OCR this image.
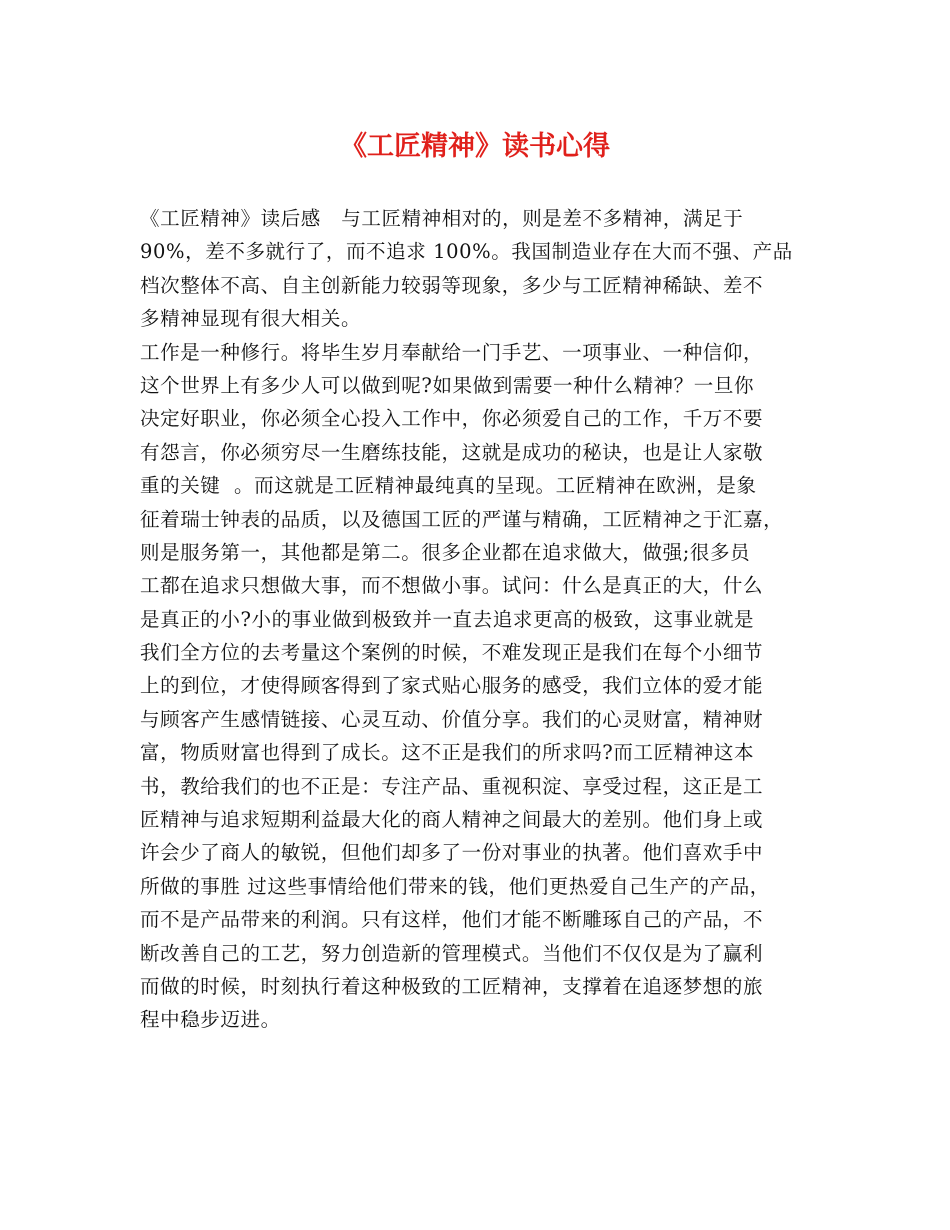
《工匠精神》读书心得
《工匠精神》读后感   与工匠精神相对的，则是差不多精神，满足于
90%，差不多就行了，而不追求 100%。我国制造业存在大而不强、产品
档次整体不高、自主创新能力较弱等现象，多少与工匠精神稀缺、差不
多精神显现有很大相关。
工作是一种修行。将毕生岁月奉献给一门手艺、一项事业、一种信仰，
这个世界上有多少人可以做到呢?如果做到需要一种什么精神？一旦你
决定好职业，你必须全心投入工作中，你必须爱自己的工作，千万不要
有怨言，你必须穷尽一生磨练技能，这就是成功的秘诀，也是让人家敬
重的关键  。而这就是工匠精神最纯真的呈现。工匠精神在欧洲，是象
征着瑞士钟表的品质，以及德国工匠的严谨与精确，工匠精神之于汇嘉，
则是服务第一，其他都是第二。很多企业都在追求做大，做强;很多员
工都在追求只想做大事，而不想做小事。试问：什么是真正的大，什么
是真正的小?小的事业做到极致并一直去追求更高的极致，这事业就是
我们全方位的去考量这个案例的时候，不难发现正是我们在每个小细节
上的到位，才使得顾客得到了家式贴心服务的感受，我们立体的爱才能
与顾客产生感情链接、心灵互动、价值分享。我们的心灵财富，精神财
富，物质财富也得到了成长。这不正是我们的所求吗?而工匠精神这本
书，教给我们的也不正是：专注产品、重视积淀、享受过程，这正是工
匠精神与追求短期利益最大化的商人精神之间最大的差别。他们身上或
许会少了商人的敏锐，但他们却多了一份对事业的执著。他们喜欢手中
所做的事胜 过这些事情给他们带来的钱，他们更热爱自己生产的产品，
而不是产品带来的利润。只有这样，他们才能不断雕琢自己的产品，不
断改善自己的工艺，努力创造新的管理模式。当他们不仅仅是为了赢利
而做的时候，时刻执行着这种极致的工匠精神，支撑着在追逐梦想的旅
程中稳步迈进。
